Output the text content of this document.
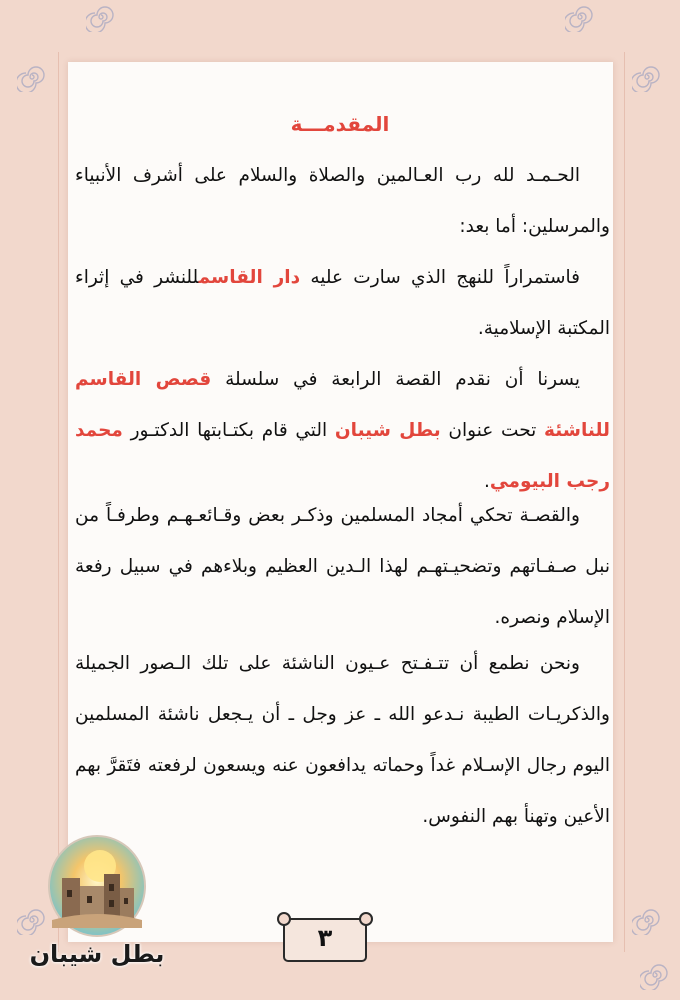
المقدمـــة
الحـمـد لله رب العـالمين والصلاة والسلام على أشرف الأنبياء والمرسلين: أما بعد:
فاستمراراً للنهج الذي سارت عليه دار القاسمللنشر في إثراء المكتبة الإسلامية.
يسرنا أن نقدم القصة الرابعة في سلسلة قصص القاسم للناشئة تحت عنوان بطل شيبان التي قام بكتـابتها الدكتـور محمد رجب البيومي.
والقصـة تحكي أمجاد المسلمين وذكـر بعض وقـائعـهـم وطرفـاً من نبل صـفـاتهم وتضحيـتهـم لهذا الـدين العظيم وبلاءهم في سبيل رفعة الإسلام ونصره.
ونحن نطمع أن تتـفـتح عـيون الناشئة على تلك الـصور الجميلة والذكريـات الطيبة نـدعو الله ـ عز وجل ـ أن يـجعل ناشئة المسلمين اليوم رجال الإسـلام غداً وحماته يدافعون عنه ويسعون لرفعته فتَقرَّ بهم الأعين وتهنأ بهم النفوس.
بطل شيبان
٣
